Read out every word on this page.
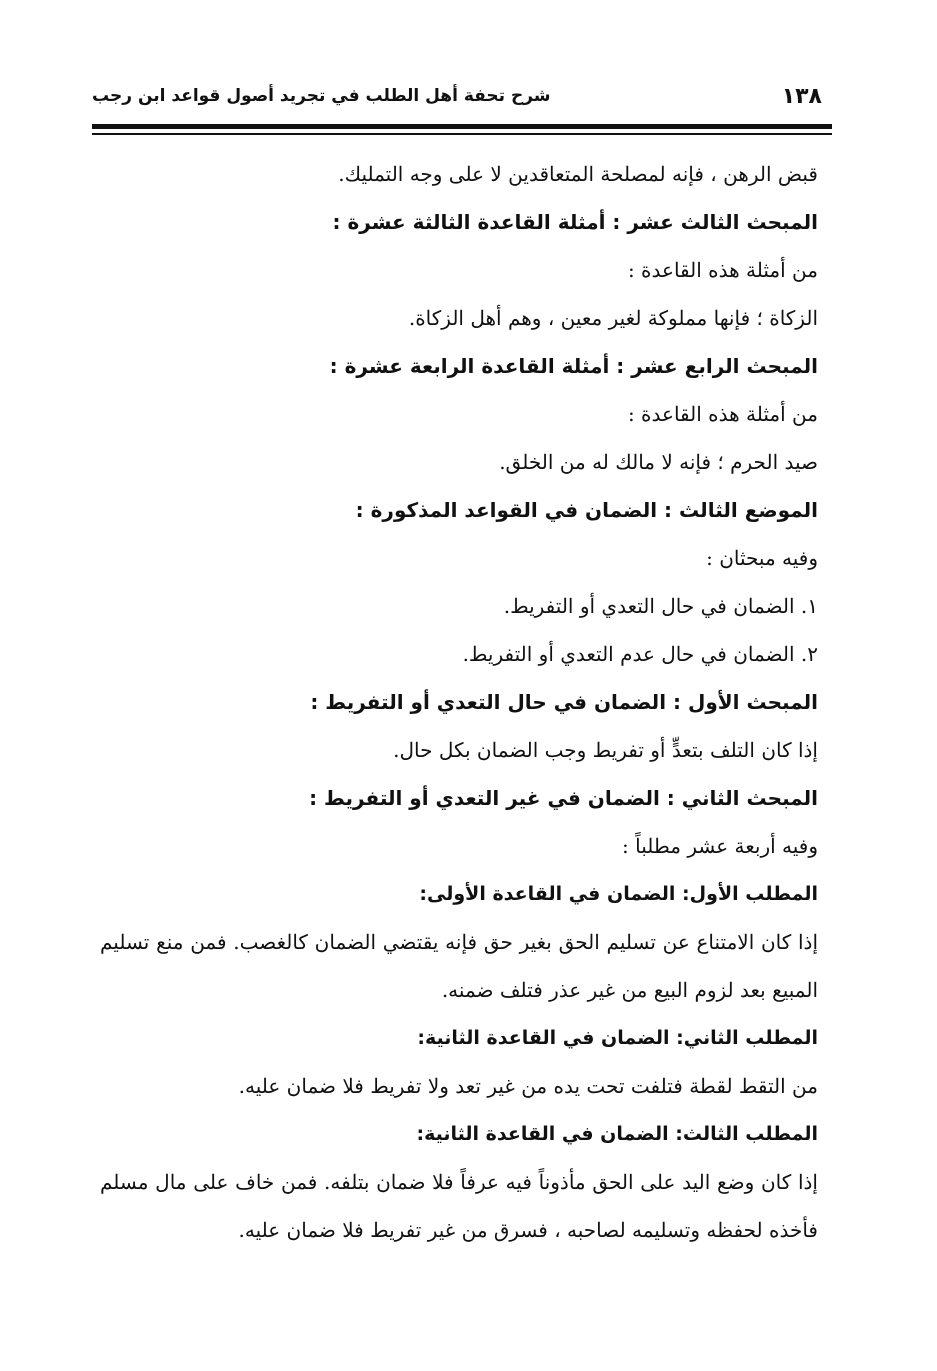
١٣٨
شرح تحفة أهل الطلب في تجريد أصول قواعد ابن رجب
قبض الرهن ، فإنه لمصلحة المتعاقدين لا على وجه التمليك.
المبحث الثالث عشر : أمثلة القاعدة الثالثة عشرة :
من أمثلة هذه القاعدة :
الزكاة ؛ فإنها مملوكة لغير معين ، وهم أهل الزكاة.
المبحث الرابع عشر : أمثلة القاعدة الرابعة عشرة :
من أمثلة هذه القاعدة :
صيد الحرم ؛ فإنه لا مالك له من الخلق.
الموضع الثالث : الضمان في القواعد المذكورة :
وفيه مبحثان :
١. الضمان في حال التعدي أو التفريط.
٢. الضمان في حال عدم التعدي أو التفريط.
المبحث الأول : الضمان في حال التعدي أو التفريط :
إذا كان التلف بتعدٍّ أو تفريط وجب الضمان بكل حال.
المبحث الثاني : الضمان في غير التعدي أو التفريط :
وفيه أربعة عشر مطلباً :
المطلب الأول: الضمان في القاعدة الأولى:
إذا كان الامتناع عن تسليم الحق بغير حق فإنه يقتضي الضمان كالغصب. فمن منع تسليم المبيع بعد لزوم البيع من غير عذر فتلف ضمنه.
المطلب الثاني: الضمان في القاعدة الثانية:
من التقط لقطة فتلفت تحت يده من غير تعد ولا تفريط فلا ضمان عليه.
المطلب الثالث: الضمان في القاعدة الثانية:
إذا كان وضع اليد على الحق مأذوناً فيه عرفاً فلا ضمان بتلفه. فمن خاف على مال مسلم فأخذه لحفظه وتسليمه لصاحبه ، فسرق من غير تفريط فلا ضمان عليه.
